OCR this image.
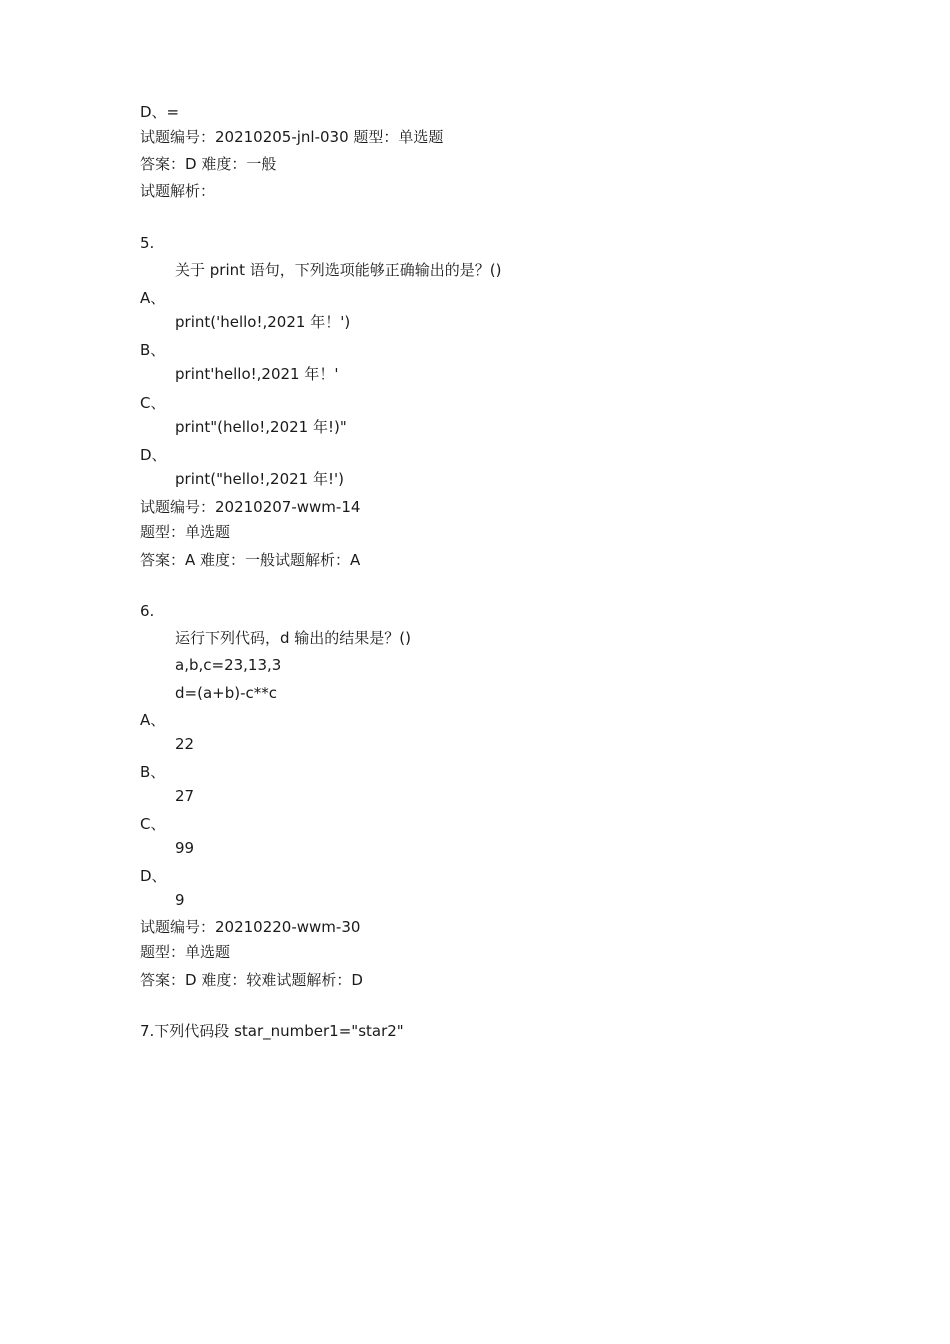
D、=
试题编号：20210205-jnl-030 题型：单选题
答案：D 难度：一般
试题解析：
5.
关于 print 语句，下列选项能够正确输出的是？()
A、
print('hello!,2021 年！')
B、
print'hello!,2021 年！'
C、
print"(hello!,2021 年!)"
D、
print("hello!,2021 年!')
试题编号：20210207-wwm-14
题型：单选题
答案：A 难度：一般试题解析：A
6.
运行下列代码，d 输出的结果是？()
a,b,c=23,13,3
d=(a+b)-c**c
A、
22
B、
27
C、
99
D、
9
试题编号：20210220-wwm-30
题型：单选题
答案：D 难度：较难试题解析：D
7.下列代码段 star_number1="star2"
